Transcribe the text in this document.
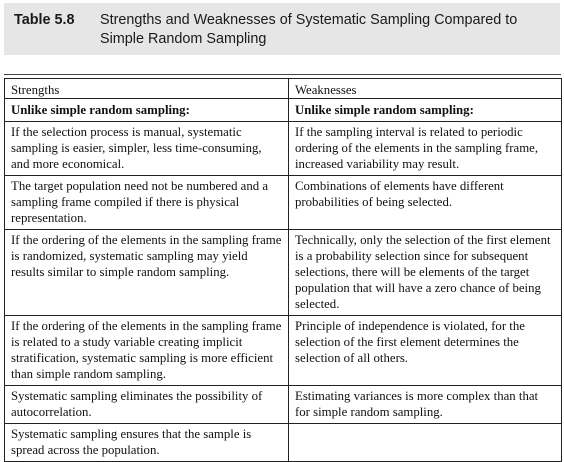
Table 5.8	Strengths and Weaknesses of Systematic Sampling Compared to Simple Random Sampling
Strengths	Weaknesses
Unlike simple random sampling:	Unlike simple random sampling:
If the selection process is manual, systematic sampling is easier, simpler, less time-consuming, and more economical.	If the sampling interval is related to periodic ordering of the elements in the sampling frame, increased variability may result.
The target population need not be numbered and a sampling frame compiled if there is physical representation.	Combinations of elements have different probabilities of being selected.
If the ordering of the elements in the sampling frame is randomized, systematic sampling may yield results similar to simple random sampling.	Technically, only the selection of the first element is a probability selection since for subsequent selections, there will be elements of the target population that will have a zero chance of being selected.
If the ordering of the elements in the sampling frame is related to a study variable creating implicit stratification, systematic sampling is more efficient than simple random sampling.	Principle of independence is violated, for the selection of the first element determines the selection of all others.
Systematic sampling eliminates the possibility of autocorrelation.	Estimating variances is more complex than that for simple random sampling.
Systematic sampling ensures that the sample is spread across the population.	
